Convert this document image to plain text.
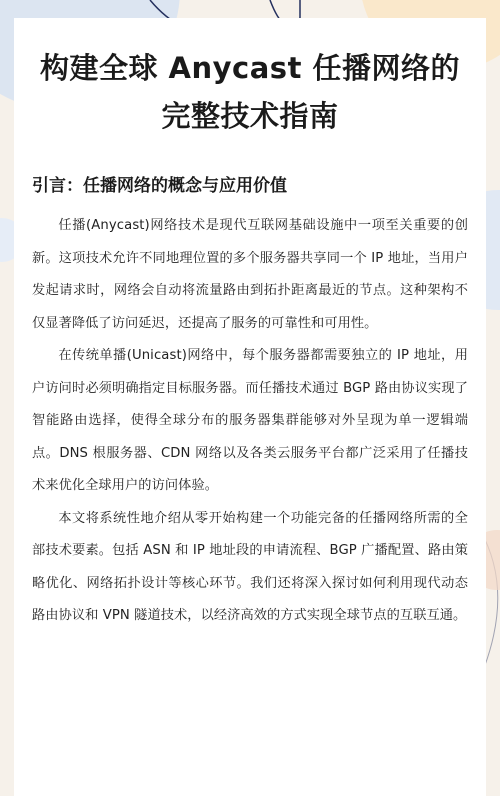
构建全球 Anycast 任播网络的完整技术指南
引言：任播网络的概念与应用价值

任播(Anycast)网络技术是现代互联网基础设施中一项至关重要的创新。这项技术允许不同地理位置的多个服务器共享同一个 IP 地址，当用户发起请求时，网络会自动将流量路由到拓扑距离最近的节点。这种架构不仅显著降低了访问延迟，还提高了服务的可靠性和可用性。

在传统单播(Unicast)网络中，每个服务器都需要独立的 IP 地址，用户访问时必须明确指定目标服务器。而任播技术通过 BGP 路由协议实现了智能路由选择，使得全球分布的服务器集群能够对外呈现为单一逻辑端点。DNS 根服务器、CDN 网络以及各类云服务平台都广泛采用了任播技术来优化全球用户的访问体验。

本文将系统性地介绍从零开始构建一个功能完备的任播网络所需的全部技术要素。包括 ASN 和 IP 地址段的申请流程、BGP 广播配置、路由策略优化、网络拓扑设计等核心环节。我们还将深入探讨如何利用现代动态路由协议和 VPN 隧道技术，以经济高效的方式实现全球节点的互联互通。
